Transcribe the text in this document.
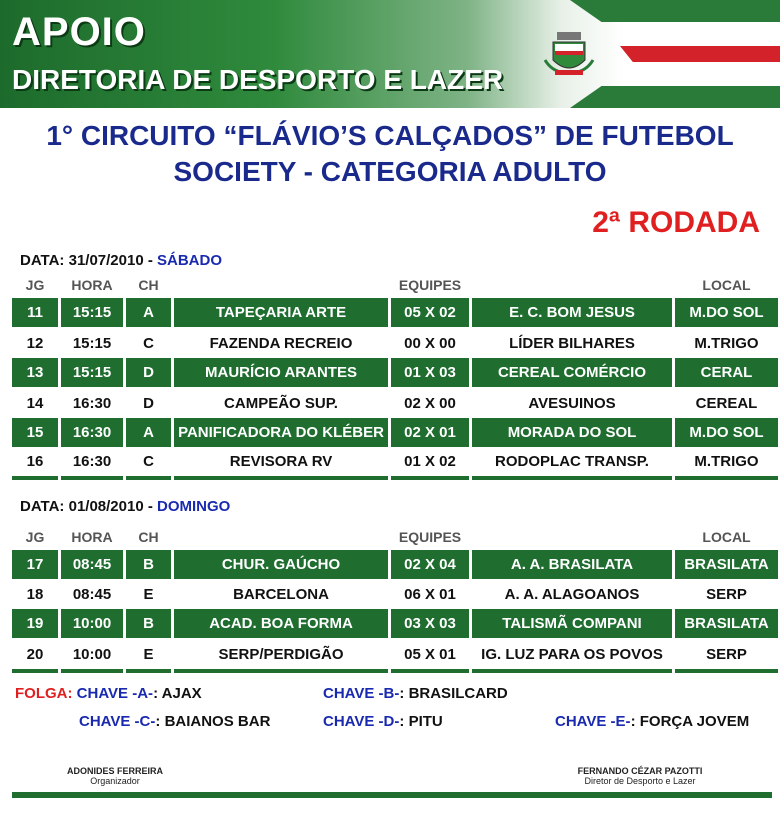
APOIO
DIRETORIA DE DESPORTO E LAZER
1° CIRCUITO “FLÁVIO’S CALÇADOS” DE FUTEBOL
SOCIETY - CATEGORIA ADULTO
2ª RODADA
DATA: 31/07/2010 - SÁBADO
JG	HORA	CH	EQUIPES	LOCAL
11	15:15	A	TAPEÇARIA ARTE	05 X 02	E. C. BOM JESUS	M.DO SOL
12	15:15	C	FAZENDA RECREIO	00 X 00	LÍDER BILHARES	M.TRIGO
13	15:15	D	MAURÍCIO ARANTES	01 X 03	CEREAL COMÉRCIO	CERAL
14	16:30	D	CAMPEÃO SUP.	02 X 00	AVESUINOS	CEREAL
15	16:30	A	PANIFICADORA DO KLÉBER	02 X 01	MORADA DO SOL	M.DO SOL
16	16:30	C	REVISORA RV	01 X 02	RODOPLAC TRANSP.	M.TRIGO
DATA: 01/08/2010 - DOMINGO
JG	HORA	CH	EQUIPES	LOCAL
17	08:45	B	CHUR. GAÚCHO	02 X 04	A. A. BRASILATA	BRASILATA
18	08:45	E	BARCELONA	06 X 01	A. A. ALAGOANOS	SERP
19	10:00	B	ACAD. BOA FORMA	03 X 03	TALISMÃ COMPANI	BRASILATA
20	10:00	E	SERP/PERDIGÃO	05 X 01	IG. LUZ PARA OS POVOS	SERP
FOLGA: CHAVE -A-: AJAX	CHAVE -B-: BRASILCARD
CHAVE -C-: BAIANOS BAR	CHAVE -D-: PITU	CHAVE -E-: FORÇA JOVEM
ADONIDES FERREIRA
Organizador
FERNANDO CÉZAR PAZOTTI
Diretor de Desporto e Lazer
